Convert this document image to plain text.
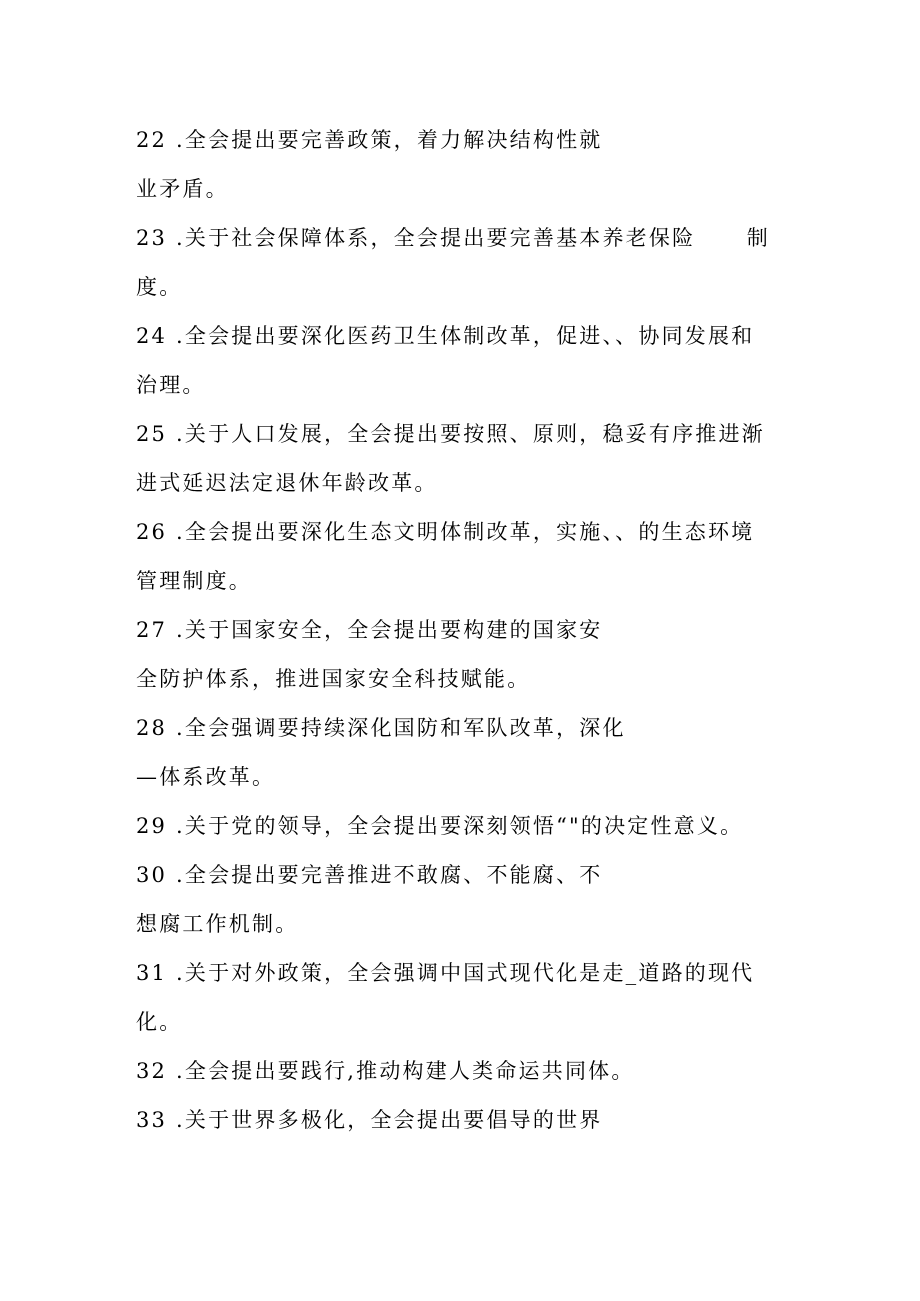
22 .全会提出要完善政策，着力解决结构性就
业矛盾。
23 .关于社会保障体系，全会提出要完善基本养老保险 制
度。
24 .全会提出要深化医药卫生体制改革，促进、、协同发展和
治理。
25 .关于人口发展，全会提出要按照、原则，稳妥有序推进渐
进式延迟法定退休年龄改革。
26 .全会提出要深化生态文明体制改革，实施、、的生态环境
管理制度。
27 .关于国家安全，全会提出要构建的国家安
全防护体系，推进国家安全科技赋能。
28 .全会强调要持续深化国防和军队改革，深化
—体系改革。
29 .关于党的领导，全会提出要深刻领悟“"的决定性意义。
30 .全会提出要完善推进不敢腐、不能腐、不
想腐工作机制。
31 .关于对外政策，全会强调中国式现代化是走_道路的现代
化。
32 .全会提出要践行,推动构建人类命运共同体。
33 .关于世界多极化，全会提出要倡导的世界
